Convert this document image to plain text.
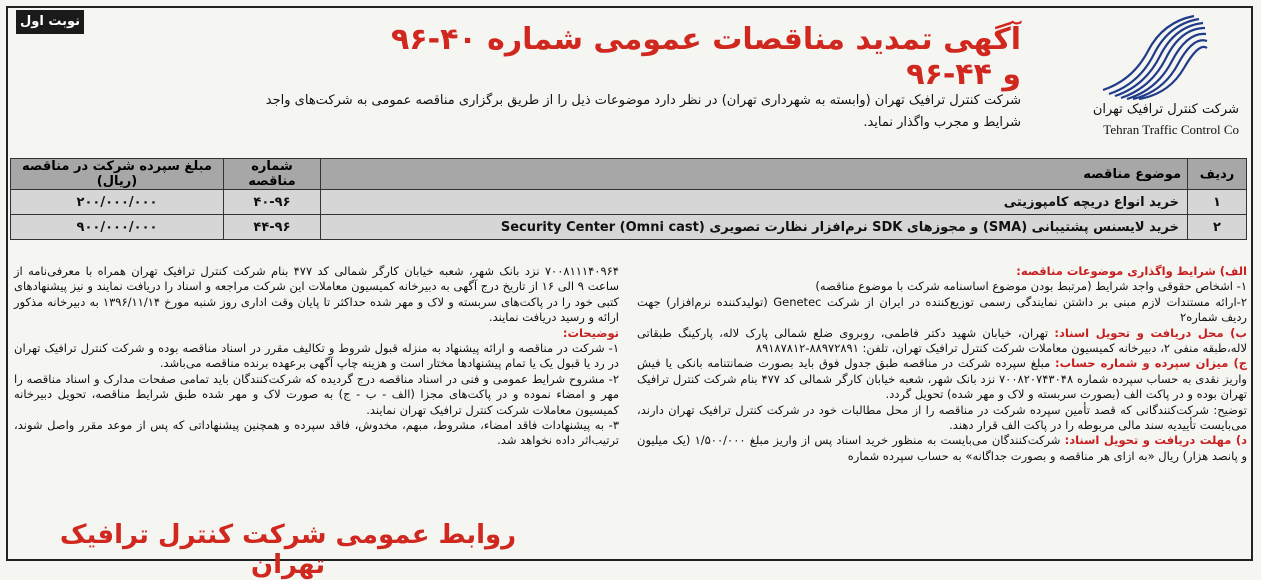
نوبت اول
شرکت کنترل ترافیک تهران
Tehran Traffic Control Co
آگهی تمدید مناقصات عمومی شماره ۴۰-۹۶ و ۴۴-۹۶
شرکت کنترل ترافیک تهران (وابسته به شهرداری تهران) در نظر دارد موضوعات ذیل را از طریق برگزاری مناقصه عمومی به شرکت‌های واجد شرایط و مجرب واگذار نماید.
ردیف	موضوع مناقصه	شماره مناقصه	مبلغ سپرده شرکت در مناقصه (ریال)
۱	خرید انواع دریچه کامپوزیتی	۴۰-۹۶	۲۰۰/۰۰۰/۰۰۰
۲	خرید لایسنس پشتیبانی (SMA) و مجوزهای SDK نرم‌افزار نظارت تصویری (Security Center (Omni cast	۴۴-۹۶	۹۰۰/۰۰۰/۰۰۰

الف) شرایط واگذاری موضوعات مناقصه:

۱- اشخاص حقوقی واجد شرایط (مرتبط بودن موضوع اساسنامه شرکت با موضوع مناقصه)

۲-ارائه مستندات لازم مبنی بر داشتن نمایندگی رسمی توزیع‌کننده در ایران از شرکت Genetec (تولیدکننده نرم‌افزار) جهت ردیف شماره۲

ب) محل دریافت و تحویل اسناد: تهران، خیابان شهید دکتر فاطمی، روبروی ضلع شمالی پارک لاله، پارکینگ طبقاتی لاله،طبقه منفی ۲، دبیرخانه کمیسیون معاملات شرکت کنترل ترافیک تهران، تلفن: ۸۸۹۷۲۸۹۱-۸۹۱۸۷۸۱۲

ج) میزان سپرده و شماره حساب: مبلغ سپرده شرکت در مناقصه طبق جدول فوق باید بصورت ضمانتنامه بانکی یا فیش واریز نقدی به حساب سپرده شماره ۷۰۰۸۲۰۷۴۳۰۴۸ نزد بانک شهر، شعبه خیابان کارگر شمالی کد ۴۷۷ بنام شرکت کنترل ترافیک تهران بوده و در پاکت الف (بصورت سربسته و لاک و مهر شده) تحویل گردد.

توضیح: شرکت‌کنندگانی که قصد تأمین سپرده شرکت در مناقصه را از محل مطالبات خود در شرکت کنترل ترافیک تهران دارند، می‌بایست تأییدیه سند مالی مربوطه را در پاکت الف قرار دهند.

د) مهلت دریافت و تحویل اسناد: شرکت‌کنندگان می‌بایست به منظور خرید اسناد پس از واریز مبلغ ۱/۵۰۰/۰۰۰ (یک میلیون و پانصد هزار) ریال «به ازای هر مناقصه و بصورت جداگانه» به حساب سپرده شماره

۷۰۰۸۱۱۱۴۰۹۶۴ نزد بانک شهر، شعبه خیابان کارگر شمالی کد ۴۷۷ بنام شرکت کنترل ترافیک تهران همراه با معرفی‌نامه از ساعت ۹ الی ۱۶ از تاریخ درج آگهی به دبیرخانه کمیسیون معاملات این شرکت مراجعه و اسناد را دریافت نمایند و نیز پیشنهادهای کتبی خود را در پاکت‌های سربسته و لاک و مهر شده حداکثر تا پایان وقت اداری روز شنبه مورخ ۱۳۹۶/۱۱/۱۴ به دبیرخانه مذکور ارائه و رسید دریافت نمایند.

توضیحات:

۱- شرکت در مناقصه و ارائه پیشنهاد به منزله قبول شروط و تکالیف مقرر در اسناد مناقصه بوده و شرکت کنترل ترافیک تهران در رد یا قبول یک یا تمام پیشنهادها مختار است و هزینه چاپ آگهی برعهده برنده مناقصه می‌باشد.

۲- مشروح شرایط عمومی و فنی در اسناد مناقصه درج گردیده که شرکت‌کنندگان باید تمامی صفحات مدارک و اسناد مناقصه را مهر و امضاء نموده و در پاکت‌های مجزا (الف - ب - ج) به صورت لاک و مهر شده طبق شرایط مناقصه، تحویل دبیرخانه کمیسیون معاملات شرکت کنترل ترافیک تهران نمایند.

۳- به پیشنهادات فاقد امضاء، مشروط، مبهم، مخدوش، فاقد سپرده و همچنین پیشنهاداتی که پس از موعد مقرر واصل شوند، ترتیب‌اثر داده نخواهد شد.

روابط عمومی شرکت کنترل ترافیک تهران
